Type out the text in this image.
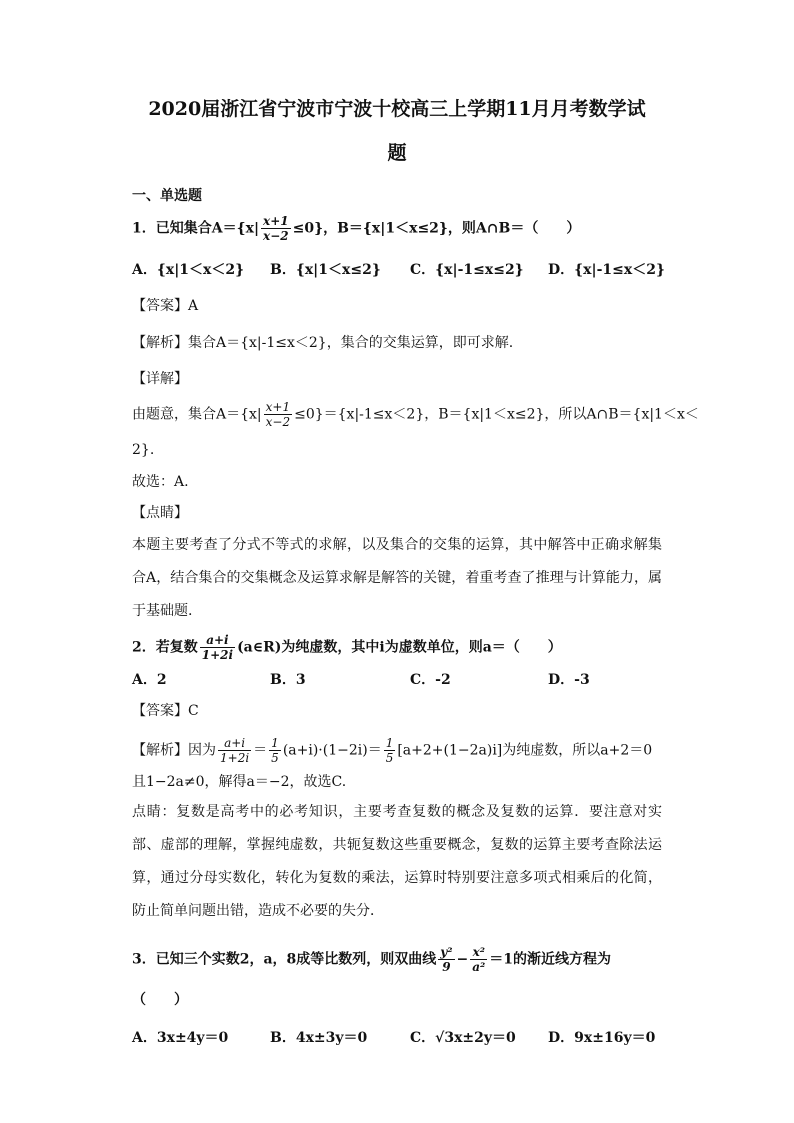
2020届浙江省宁波市宁波十校高三上学期11月月考数学试
题
一、单选题
1．已知集合$A=\{x| \frac{x+1}{x-2} \le 0\}$，B＝{x|1＜x≤2}，则A∩B＝（　　）
A．{x|1＜x＜2} B．{x|1＜x≤2} C．{x|-1≤x≤2} D．{x|-1≤x＜2}
【答案】A
【解析】集合A＝{x|-1≤x＜2}，集合的交集运算，即可求解.
【详解】
由题意，集合$A=\{x| \frac{x+1}{x-2} \le 0\}=\{x|-1\le x<2\}$，B＝{x|1＜x≤2}，所以A∩B＝{x|1＜x＜
2}.
故选：A.
【点睛】
本题主要考查了分式不等式的求解，以及集合的交集的运算，其中解答中正确求解集合A，结合集合的交集概念及运算求解是解答的关键，着重考查了推理与计算能力，属于基础题.
2．若复数 $\frac{a+i}{1+2i}$ (a∈R)为纯虚数，其中i为虚数单位，则a＝（　　）
A．2	B．3	C．-2	D．-3
【答案】C
【解析】因为 $\frac{a+i}{1+2i} = \frac{1}{5} (a+i)\cdot(1-2i)= \frac{1}{5} [a+2+(1-2a)i]$为纯虚数，所以a+2＝0
且1−2a≠0，解得a＝−2，故选C.
点睛：复数是高考中的必考知识，主要考查复数的概念及复数的运算．要注意对实部、虚部的理解，掌握纯虚数，共轭复数这些重要概念，复数的运算主要考查除法运算，通过分母实数化，转化为复数的乘法，运算时特别要注意多项式相乘后的化简，防止简单问题出错，造成不必要的失分．
3．已知三个实数2，a，8成等比数列，则双曲线 $\frac{\text{y²}}{9} - \frac{\text{x²}}{\text{a²}} =1$的渐近线方程为
（　　）
A．3x±4y＝0	B．4x±3y＝0	C．√3x±2y＝0 D．9x±16y＝0
